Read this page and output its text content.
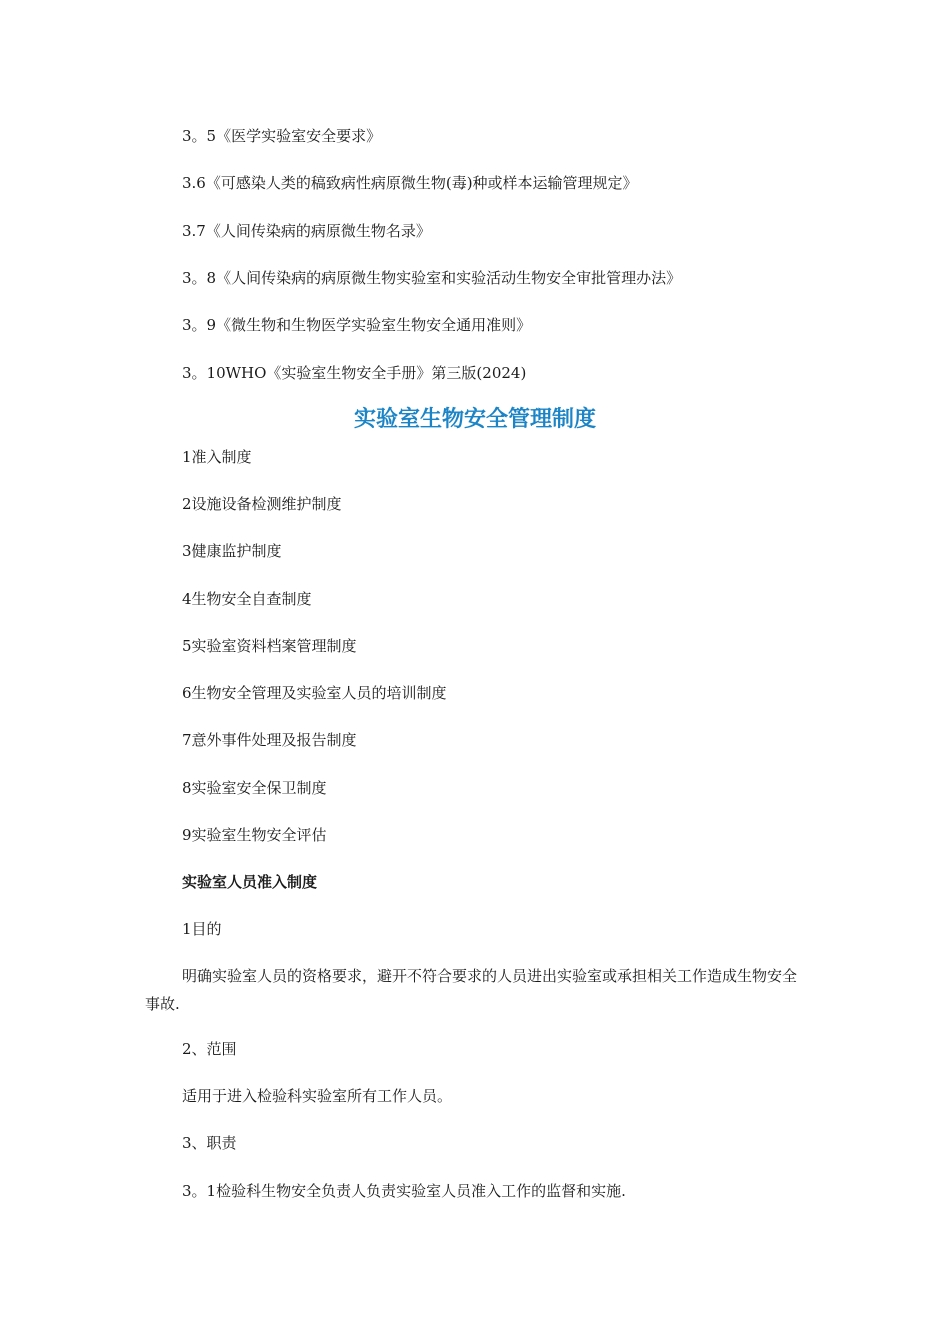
3。5《医学实验室安全要求》
3.6《可感染人类的稿致病性病原微生物(毒)种或样本运输管理规定》
3.7《人间传染病的病原微生物名录》
3。8《人间传染病的病原微生物实验室和实验活动生物安全审批管理办法》
3。9《微生物和生物医学实验室生物安全通用准则》
3。10WHO《实验室生物安全手册》第三版(2024)
实验室生物安全管理制度
1准入制度
2设施设备检测维护制度
3健康监护制度
4生物安全自查制度
5实验室资料档案管理制度
6生物安全管理及实验室人员的培训制度
7意外事件处理及报告制度
8实验室安全保卫制度
9实验室生物安全评估
实验室人员准入制度
1目的
明确实验室人员的资格要求，避开不符合要求的人员进出实验室或承担相关工作造成生物安全事故.
2、范围
适用于进入检验科实验室所有工作人员。
3、职责
3。1检验科生物安全负责人负责实验室人员准入工作的监督和实施.
